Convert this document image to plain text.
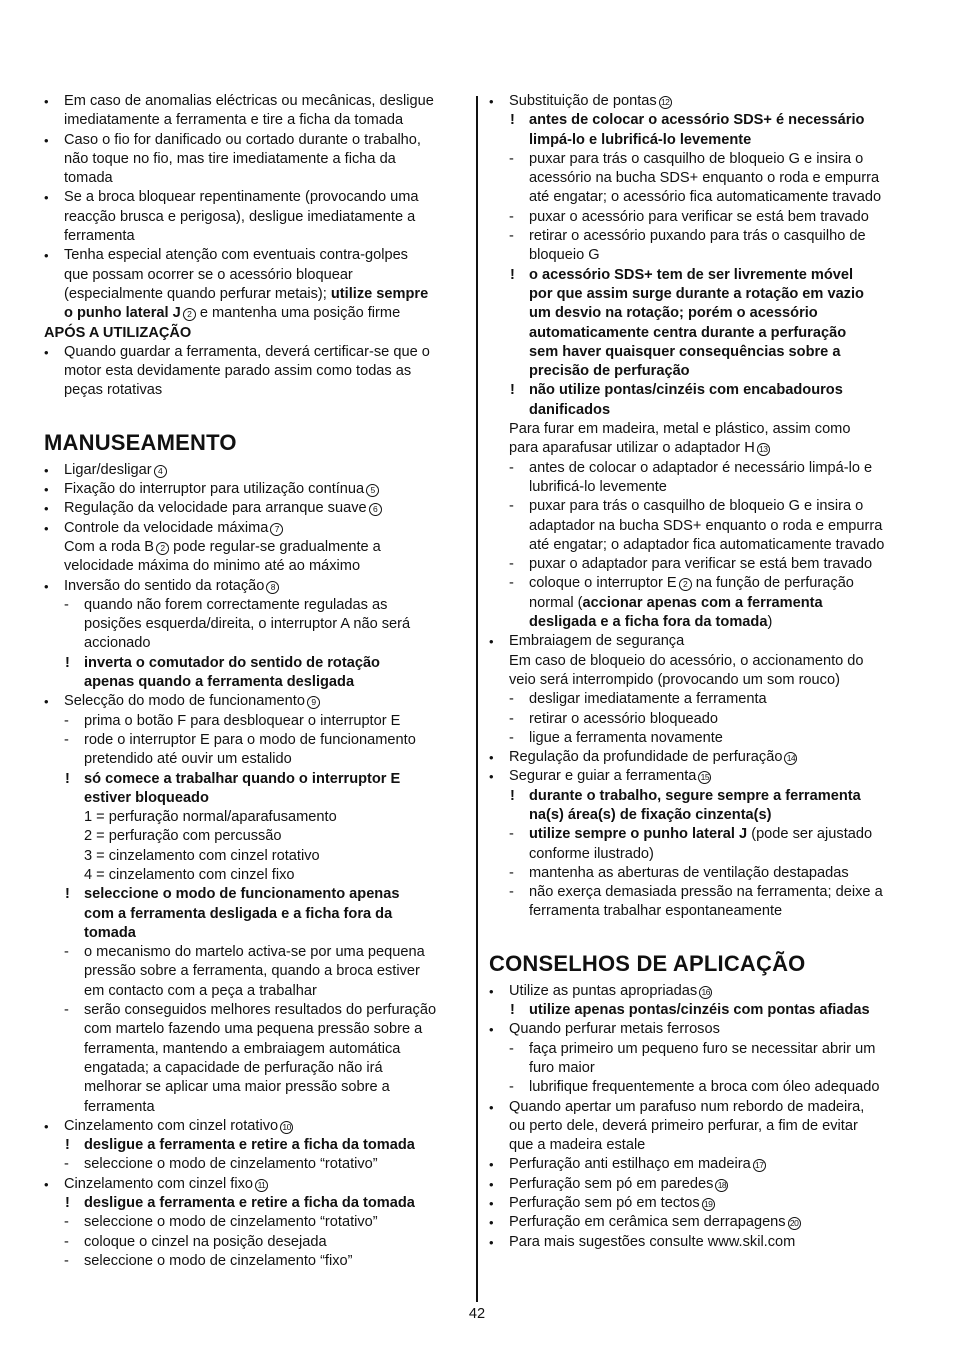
• Em caso de anomalias eléctricas ou mecânicas, desligue
imediatamente a ferramenta e tire a ficha da tomada
• Caso o fio for danificado ou cortado durante o trabalho,
não toque no fio, mas tire imediatamente a ficha da
tomada
• Se a broca bloquear repentinamente (provocando uma
reacção brusca e perigosa), desligue imediatamente a
ferramenta
• Tenha especial atenção com eventuais contra-golpes
que possam ocorrer se o acessório bloquear
(especialmente quando perfurar metais); utilize sempre
o punho lateral J 2 e mantenha uma posição firme
APÓS A UTILIZAÇÃO
• Quando guardar a ferramenta, deverá certificar-se que o
motor esta devidamente parado assim como todas as
peças rotativas
MANUSEAMENTO
• Ligar/desligar 4
• Fixação do interruptor para utilização contínua 5
• Regulação da velocidade para arranque suave 6
• Controle da velocidade máxima 7
Com a roda B 2 pode regular-se gradualmente a
velocidade máxima do minimo até ao máximo
• Inversão do sentido da rotação 8
- quando não forem correctamente reguladas as
posições esquerda/direita, o interruptor A não será
accionado
! inverta o comutador do sentido de rotação
apenas quando a ferramenta desligada
• Selecção do modo de funcionamento 9
- prima o botão F para desbloquear o interruptor E
- rode o interruptor E para o modo de funcionamento
pretendido até ouvir um estalido
! só comece a trabalhar quando o interruptor E
estiver bloqueado
1 = perfuração normal/aparafusamento
2 = perfuração com percussão
3 = cinzelamento com cinzel rotativo
4 = cinzelamento com cinzel fixo
! seleccione o modo de funcionamento apenas
com a ferramenta desligada e a ficha fora da
tomada
- o mecanismo do martelo activa-se por uma pequena
pressão sobre a ferramenta, quando a broca estiver
em contacto com a peça a trabalhar
- serão conseguidos melhores resultados do perfuração
com martelo fazendo uma pequena pressão sobre a
ferramenta, mantendo a embraiagem automática
engatada; a capacidade de perfuração não irá
melhorar se aplicar uma maior pressão sobre a
ferramenta
• Cinzelamento com cinzel rotativo 10
! desligue a ferramenta e retire a ficha da tomada
- seleccione o modo de cinzelamento “rotativo”
• Cinzelamento com cinzel fixo 11
! desligue a ferramenta e retire a ficha da tomada
- seleccione o modo de cinzelamento “rotativo”
- coloque o cinzel na posição desejada
- seleccione o modo de cinzelamento “fixo”
• Substituição de pontas 12
! antes de colocar o acessório SDS+ é necessário
limpá-lo e lubrificá-lo levemente
- puxar para trás o casquilho de bloqueio G e insira o
acessório na bucha SDS+ enquanto o roda e empurra
até engatar; o acessório fica automaticamente travado
- puxar o acessório para verificar se está bem travado
- retirar o acessório puxando para trás o casquilho de
bloqueio G
! o acessório SDS+ tem de ser livremente móvel
por que assim surge durante a rotação em vazio
um desvio na rotação; porém o acessório
automaticamente centra durante a perfuração
sem haver quaisquer consequências sobre a
precisão de perfuração
! não utilize pontas/cinzéis com encabadouros
danificados
Para furar em madeira, metal e plástico, assim como
para aparafusar utilizar o adaptador H 13
- antes de colocar o adaptador é necessário limpá-lo e
lubrificá-lo levemente
- puxar para trás o casquilho de bloqueio G e insira o
adaptador na bucha SDS+ enquanto o roda e empurra
até engatar; o adaptador fica automaticamente travado
- puxar o adaptador para verificar se está bem travado
- coloque o interruptor E 2 na função de perfuração
normal (accionar apenas com a ferramenta
desligada e a ficha fora da tomada)
• Embraiagem de segurança
Em caso de bloqueio do acessório, o accionamento do
veio será interrompido (provocando um som rouco)
- desligar imediatamente a ferramenta
- retirar o acessório bloqueado
- ligue a ferramenta novamente
• Regulação da profundidade de perfuração 14
• Segurar e guiar a ferramenta 15
! durante o trabalho, segure sempre a ferramenta
na(s) área(s) de fixação cinzenta(s)
- utilize sempre o punho lateral J (pode ser ajustado
conforme ilustrado)
- mantenha as aberturas de ventilação destapadas
- não exerça demasiada pressão na ferramenta; deixe a
ferramenta trabalhar espontaneamente
CONSELHOS DE APLICAÇÃO
• Utilize as puntas apropriadas 16
! utilize apenas pontas/cinzéis com pontas afiadas
• Quando perfurar metais ferrosos
- faça primeiro um pequeno furo se necessitar abrir um
furo maior
- lubrifique frequentemente a broca com óleo adequado
• Quando apertar um parafuso num rebordo de madeira,
ou perto dele, deverá primeiro perfurar, a fim de evitar
que a madeira estale
• Perfuração anti estilhaço em madeira 17
• Perfuração sem pó em paredes 18
• Perfuração sem pó em tectos 19
• Perfuração em cerâmica sem derrapagens 20
• Para mais sugestões consulte www.skil.com
42
